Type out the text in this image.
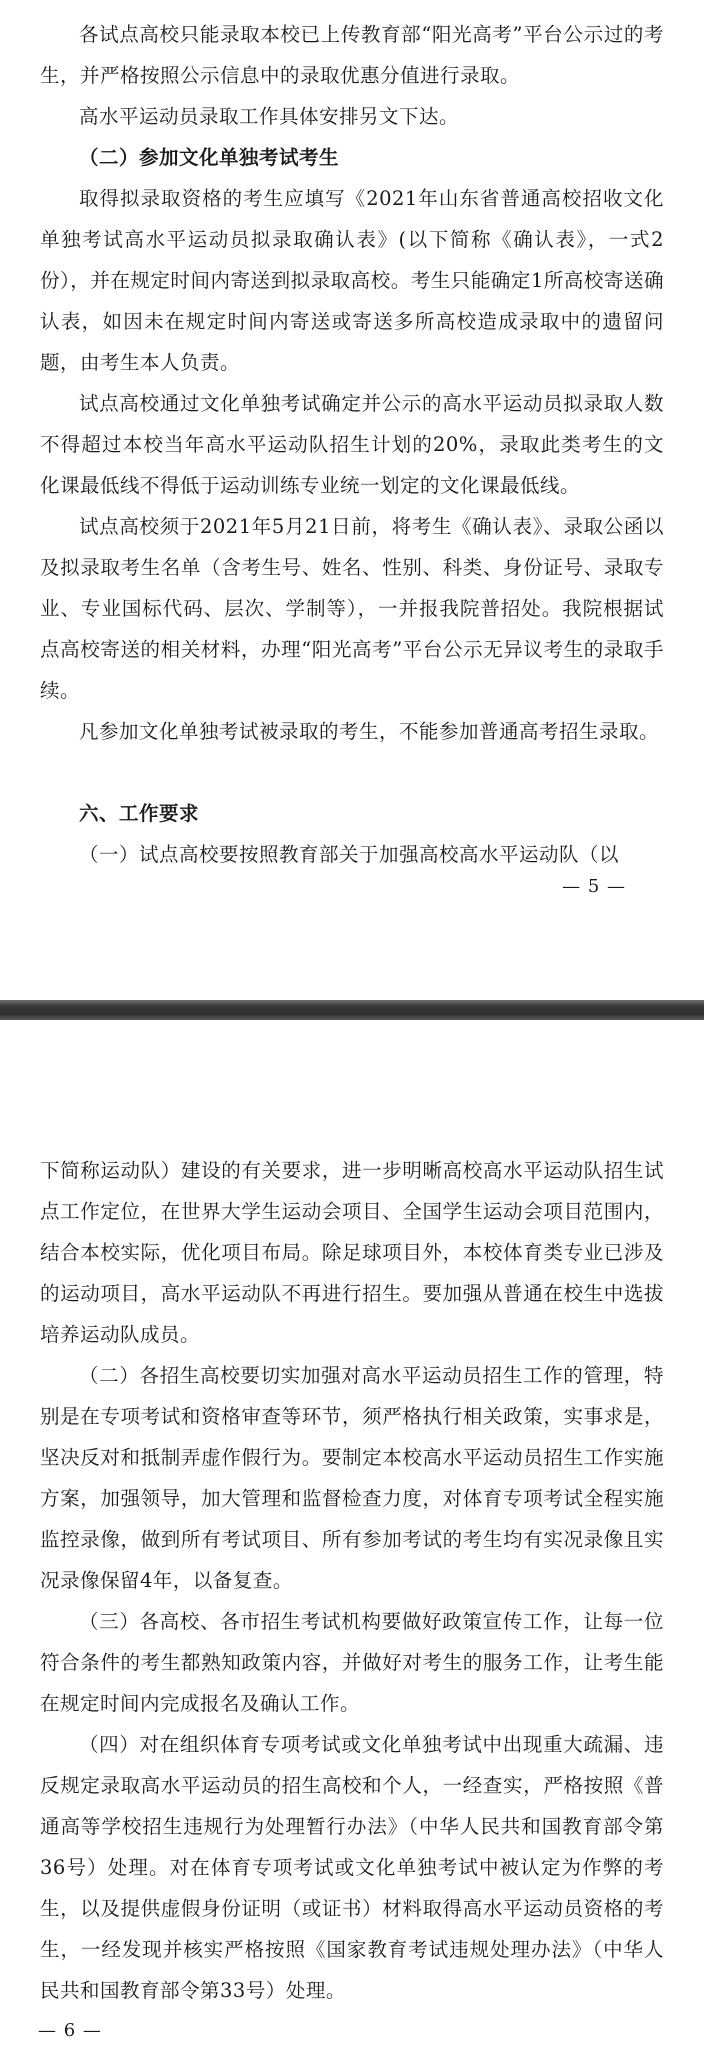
各试点高校只能录取本校已上传教育部“阳光高考”平台公示过的考生，并严格按照公示信息中的录取优惠分值进行录取。

高水平运动员录取工作具体安排另文下达。

（二）参加文化单独考试考生

取得拟录取资格的考生应填写《2021年山东省普通高校招收文化单独考试高水平运动员拟录取确认表》(以下简称《确认表》，一式2份），并在规定时间内寄送到拟录取高校。考生只能确定1所高校寄送确认表，如因未在规定时间内寄送或寄送多所高校造成录取中的遗留问题，由考生本人负责。

试点高校通过文化单独考试确定并公示的高水平运动员拟录取人数不得超过本校当年高水平运动队招生计划的20%，录取此类考生的文化课最低线不得低于运动训练专业统一划定的文化课最低线。

试点高校须于2021年5月21日前，将考生《确认表》、录取公函以及拟录取考生名单（含考生号、姓名、性别、科类、身份证号、录取专业、专业国标代码、层次、学制等），一并报我院普招处。我院根据试点高校寄送的相关材料，办理“阳光高考”平台公示无异议考生的录取手续。

凡参加文化单独考试被录取的考生，不能参加普通高考招生录取。

六、工作要求

（一）试点高校要按照教育部关于加强高校高水平运动队（以

— 5 —

下简称运动队）建设的有关要求，进一步明晰高校高水平运动队招生试点工作定位，在世界大学生运动会项目、全国学生运动会项目范围内，结合本校实际，优化项目布局。除足球项目外，本校体育类专业已涉及的运动项目，高水平运动队不再进行招生。要加强从普通在校生中选拔培养运动队成员。

（二）各招生高校要切实加强对高水平运动员招生工作的管理，特别是在专项考试和资格审查等环节，须严格执行相关政策，实事求是，坚决反对和抵制弄虚作假行为。要制定本校高水平运动员招生工作实施方案，加强领导，加大管理和监督检查力度，对体育专项考试全程实施监控录像，做到所有考试项目、所有参加考试的考生均有实况录像且实况录像保留4年，以备复查。

（三）各高校、各市招生考试机构要做好政策宣传工作，让每一位符合条件的考生都熟知政策内容，并做好对考生的服务工作，让考生能在规定时间内完成报名及确认工作。

（四）对在组织体育专项考试或文化单独考试中出现重大疏漏、违反规定录取高水平运动员的招生高校和个人，一经查实，严格按照《普通高等学校招生违规行为处理暂行办法》（中华人民共和国教育部令第36号）处理。对在体育专项考试或文化单独考试中被认定为作弊的考生，以及提供虚假身份证明（或证书）材料取得高水平运动员资格的考生，一经发现并核实严格按照《国家教育考试违规处理办法》（中华人民共和国教育部令第33号）处理。

— 6 —
